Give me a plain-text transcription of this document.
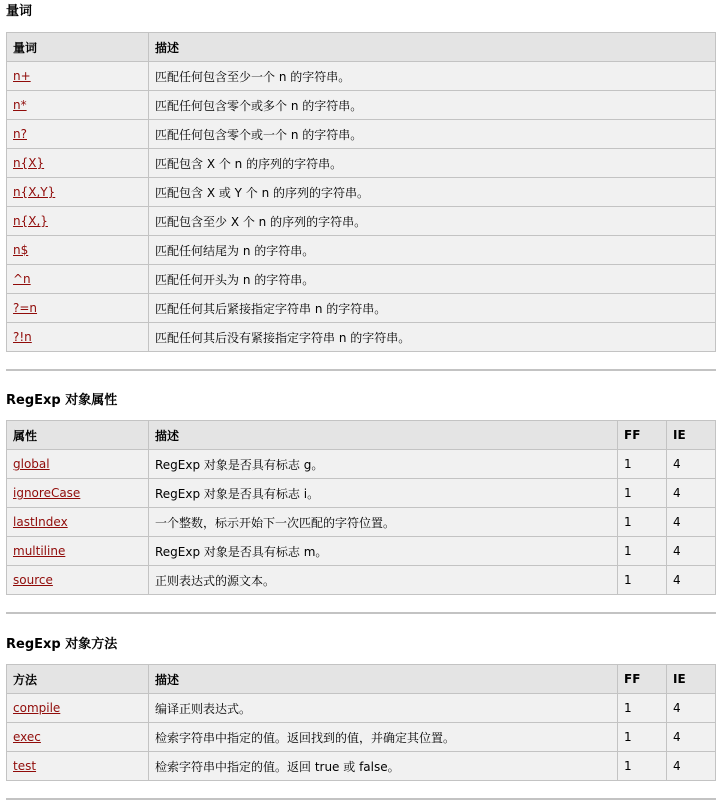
量词
量词	描述
n+	匹配任何包含至少一个 n 的字符串。
n*	匹配任何包含零个或多个 n 的字符串。
n?	匹配任何包含零个或一个 n 的字符串。
n{X}	匹配包含 X 个 n 的序列的字符串。
n{X,Y}	匹配包含 X 或 Y 个 n 的序列的字符串。
n{X,}	匹配包含至少 X 个 n 的序列的字符串。
n$	匹配任何结尾为 n 的字符串。
^n	匹配任何开头为 n 的字符串。
?=n	匹配任何其后紧接指定字符串 n 的字符串。
?!n	匹配任何其后没有紧接指定字符串 n 的字符串。
RegExp 对象属性
属性	描述	FF	IE
global	RegExp 对象是否具有标志 g。	1	4
ignoreCase	RegExp 对象是否具有标志 i。	1	4
lastIndex	一个整数，标示开始下一次匹配的字符位置。	1	4
multiline	RegExp 对象是否具有标志 m。	1	4
source	正则表达式的源文本。	1	4
RegExp 对象方法
方法	描述	FF	IE
compile	编译正则表达式。	1	4
exec	检索字符串中指定的值。返回找到的值，并确定其位置。	1	4
test	检索字符串中指定的值。返回 true 或 false。	1	4
